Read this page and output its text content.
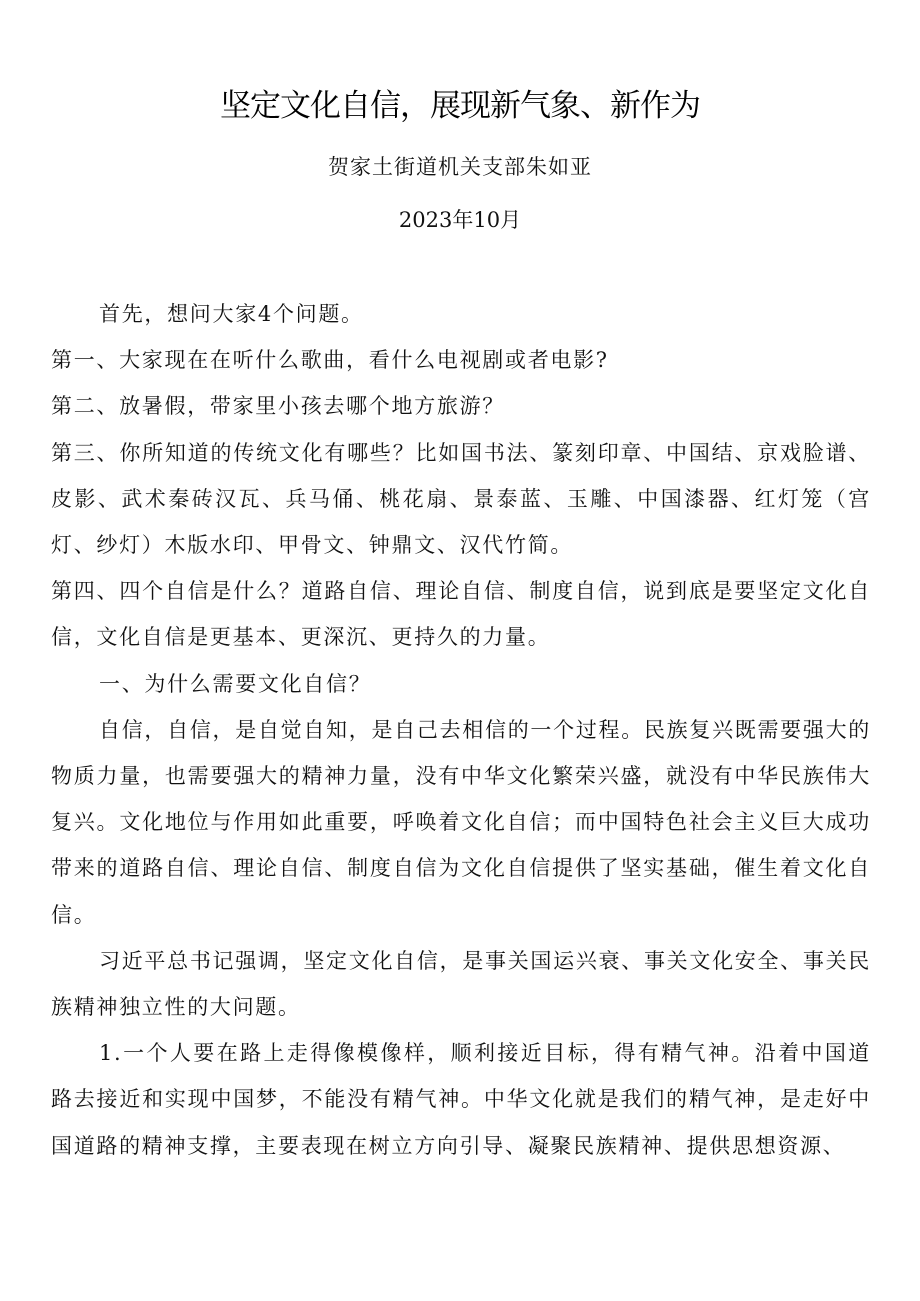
坚定文化自信，展现新气象、新作为
贺家土街道机关支部朱如亚
2023年10月

首先，想问大家4个问题。

第一、大家现在在听什么歌曲，看什么电视剧或者电影?

第二、放暑假，带家里小孩去哪个地方旅游？

第三、你所知道的传统文化有哪些？比如国书法、篆刻印章、中国结、京戏脸谱、皮影、武术秦砖汉瓦、兵马俑、桃花扇、景泰蓝、玉雕、中国漆器、红灯笼（宫灯、纱灯）木版水印、甲骨文、钟鼎文、汉代竹简。

第四、四个自信是什么？道路自信、理论自信、制度自信，说到底是要坚定文化自信，文化自信是更基本、更深沉、更持久的力量。

一、为什么需要文化自信？

自信，自信，是自觉自知，是自己去相信的一个过程。民族复兴既需要强大的物质力量，也需要强大的精神力量，没有中华文化繁荣兴盛，就没有中华民族伟大复兴。文化地位与作用如此重要，呼唤着文化自信；而中国特色社会主义巨大成功带来的道路自信、理论自信、制度自信为文化自信提供了坚实基础，催生着文化自信。

习近平总书记强调，坚定文化自信，是事关国运兴衰、事关文化安全、事关民族精神独立性的大问题。

1.一个人要在路上走得像模像样，顺利接近目标，得有精气神。沿着中国道路去接近和实现中国梦，不能没有精气神。中华文化就是我们的精气神，是走好中国道路的精神支撑，主要表现在树立方向引导、凝聚民族精神、提供思想资源、
